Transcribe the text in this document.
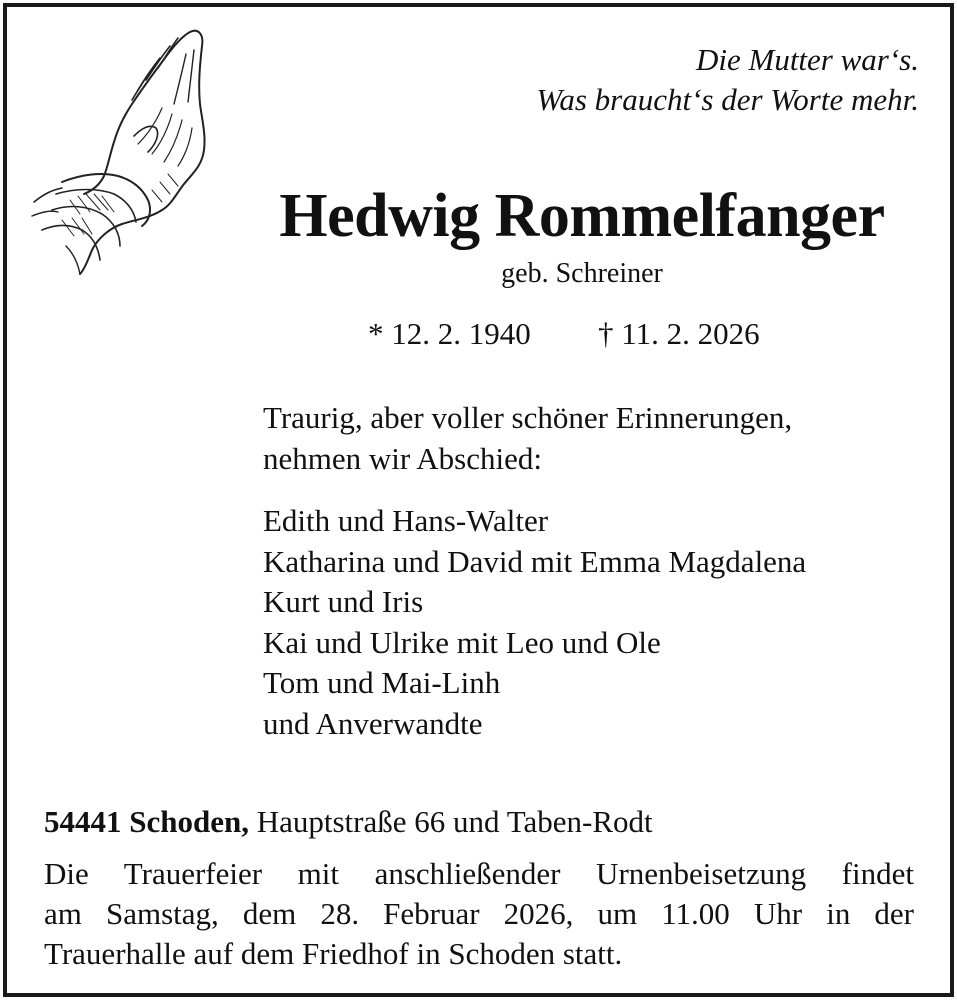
Die Mutter war‘s.
Was braucht‘s der Worte mehr.
Hedwig Rommelfanger
geb. Schreiner
* 12. 2. 1940 † 11. 2. 2026
Traurig, aber voller schöner Erinnerungen,
nehmen wir Abschied:
Edith und Hans-Walter
Katharina und David mit Emma Magdalena
Kurt und Iris
Kai und Ulrike mit Leo und Ole
Tom und Mai-Linh
und Anverwandte
54441 Schoden, Hauptstraße 66 und Taben-Rodt
Die Trauerfeier mit anschließender Urnenbeisetzung findet
am Samstag, dem 28. Februar 2026, um 11.00 Uhr in der
Trauerhalle auf dem Friedhof in Schoden statt.
